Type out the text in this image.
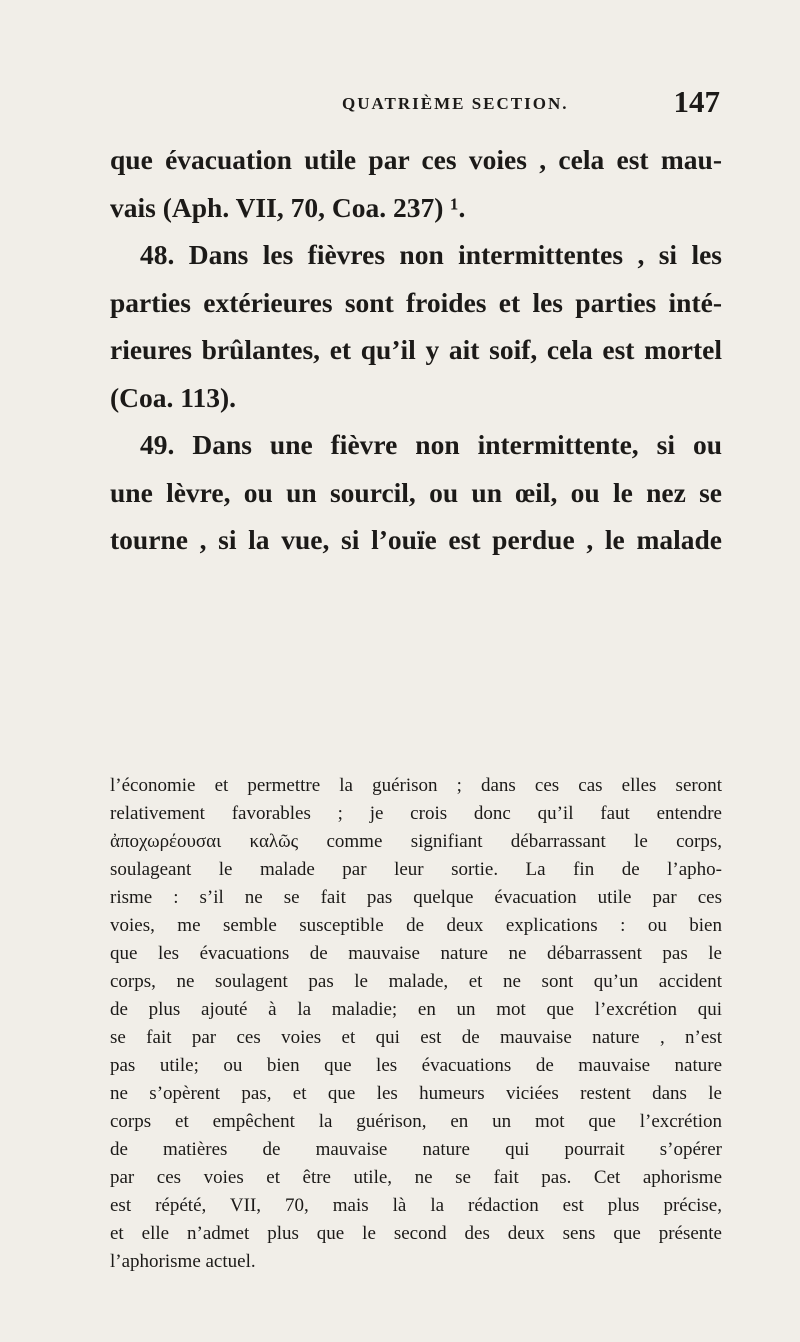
QUATRIÈME SECTION.	147
que évacuation utile par ces voies , cela est mau-
vais (Aph. VII, 70, Coa. 237) ¹.
48. Dans les fièvres non intermittentes , si les
parties extérieures sont froides et les parties inté-
rieures brûlantes, et qu’il y ait soif, cela est mortel
(Coa. 113).
49. Dans une fièvre non intermittente, si ou
une lèvre, ou un sourcil, ou un œil, ou le nez se
tourne , si la vue, si l’ouïe est perdue , le malade
l’économie et permettre la guérison ; dans ces cas elles seront
relativement favorables ; je crois donc qu’il faut entendre
ἀποχωρέουσαι καλῶς comme signifiant débarrassant le corps,
soulageant le malade par leur sortie. La fin de l’apho-
risme : s’il ne se fait pas quelque évacuation utile par ces
voies, me semble susceptible de deux explications : ou bien
que les évacuations de mauvaise nature ne débarrassent pas le
corps, ne soulagent pas le malade, et ne sont qu’un accident
de plus ajouté à la maladie; en un mot que l’excrétion qui
se fait par ces voies et qui est de mauvaise nature , n’est
pas utile; ou bien que les évacuations de mauvaise nature
ne s’opèrent pas, et que les humeurs viciées restent dans le
corps et empêchent la guérison, en un mot que l’excrétion
de matières de mauvaise nature qui pourrait s’opérer
par ces voies et être utile, ne se fait pas. Cet aphorisme
est répété, VII, 70, mais là la rédaction est plus précise,
et elle n’admet plus que le second des deux sens que présente
l’aphorisme actuel.
